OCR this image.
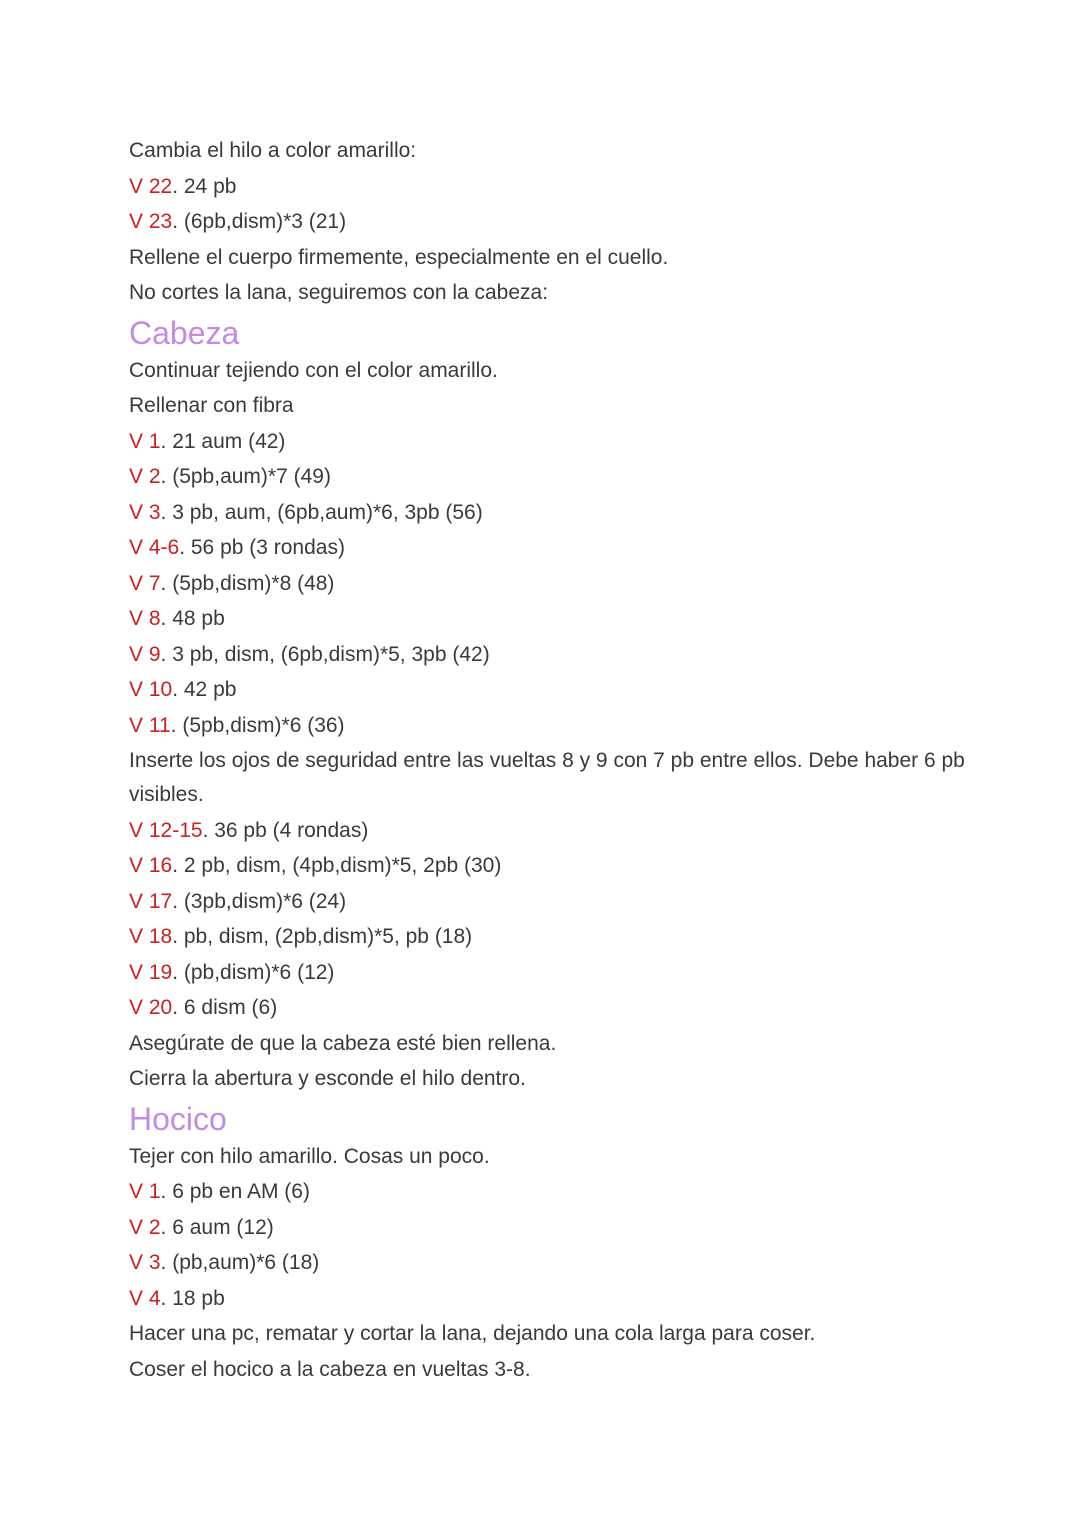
Cambia el hilo a color amarillo:
V 22. 24 pb
V 23. (6pb,dism)*3 (21)
Rellene el cuerpo firmemente, especialmente en el cuello.
No cortes la lana, seguiremos con la cabeza:
Cabeza
Continuar tejiendo con el color amarillo.
Rellenar con fibra
V 1. 21 aum (42)
V 2. (5pb,aum)*7 (49)
V 3. 3 pb, aum, (6pb,aum)*6, 3pb (56)
V 4-6. 56 pb (3 rondas)
V 7. (5pb,dism)*8 (48)
V 8. 48 pb
V 9. 3 pb, dism, (6pb,dism)*5, 3pb (42)
V 10. 42 pb
V 11. (5pb,dism)*6 (36)
Inserte los ojos de seguridad entre las vueltas 8 y 9 con 7 pb entre ellos. Debe haber 6 pb visibles.
V 12-15. 36 pb (4 rondas)
V 16. 2 pb, dism, (4pb,dism)*5, 2pb (30)
V 17. (3pb,dism)*6 (24)
V 18. pb, dism, (2pb,dism)*5, pb (18)
V 19. (pb,dism)*6 (12)
V 20. 6 dism (6)
Asegúrate de que la cabeza esté bien rellena.
Cierra la abertura y esconde el hilo dentro.
Hocico
Tejer con hilo amarillo. Cosas un poco.
V 1. 6 pb en AM (6)
V 2. 6 aum (12)
V 3. (pb,aum)*6 (18)
V 4. 18 pb
Hacer una pc, rematar y cortar la lana, dejando una cola larga para coser.
Coser el hocico a la cabeza en vueltas 3-8.
